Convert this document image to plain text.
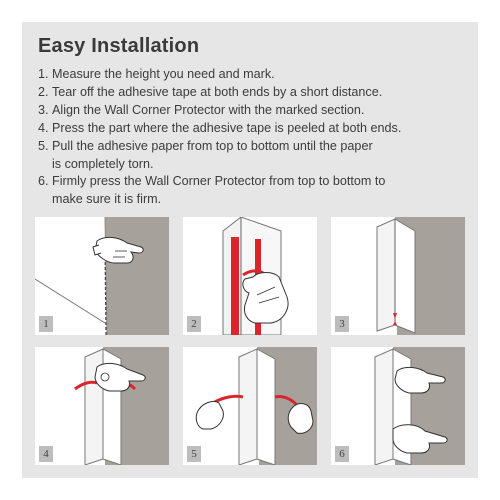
Easy Installation
1. Measure the height you need and mark.
2. Tear off the adhesive tape at both ends by a short distance.
3. Align the Wall Corner Protector with the marked section.
4. Press the part where the adhesive tape is peeled at both ends.
5. Pull the adhesive paper from top to bottom until the paper
is completely torn.
6. Firmly press the Wall Corner Protector from top to bottom to
make sure it is firm.
1	2	3
4	5	6
